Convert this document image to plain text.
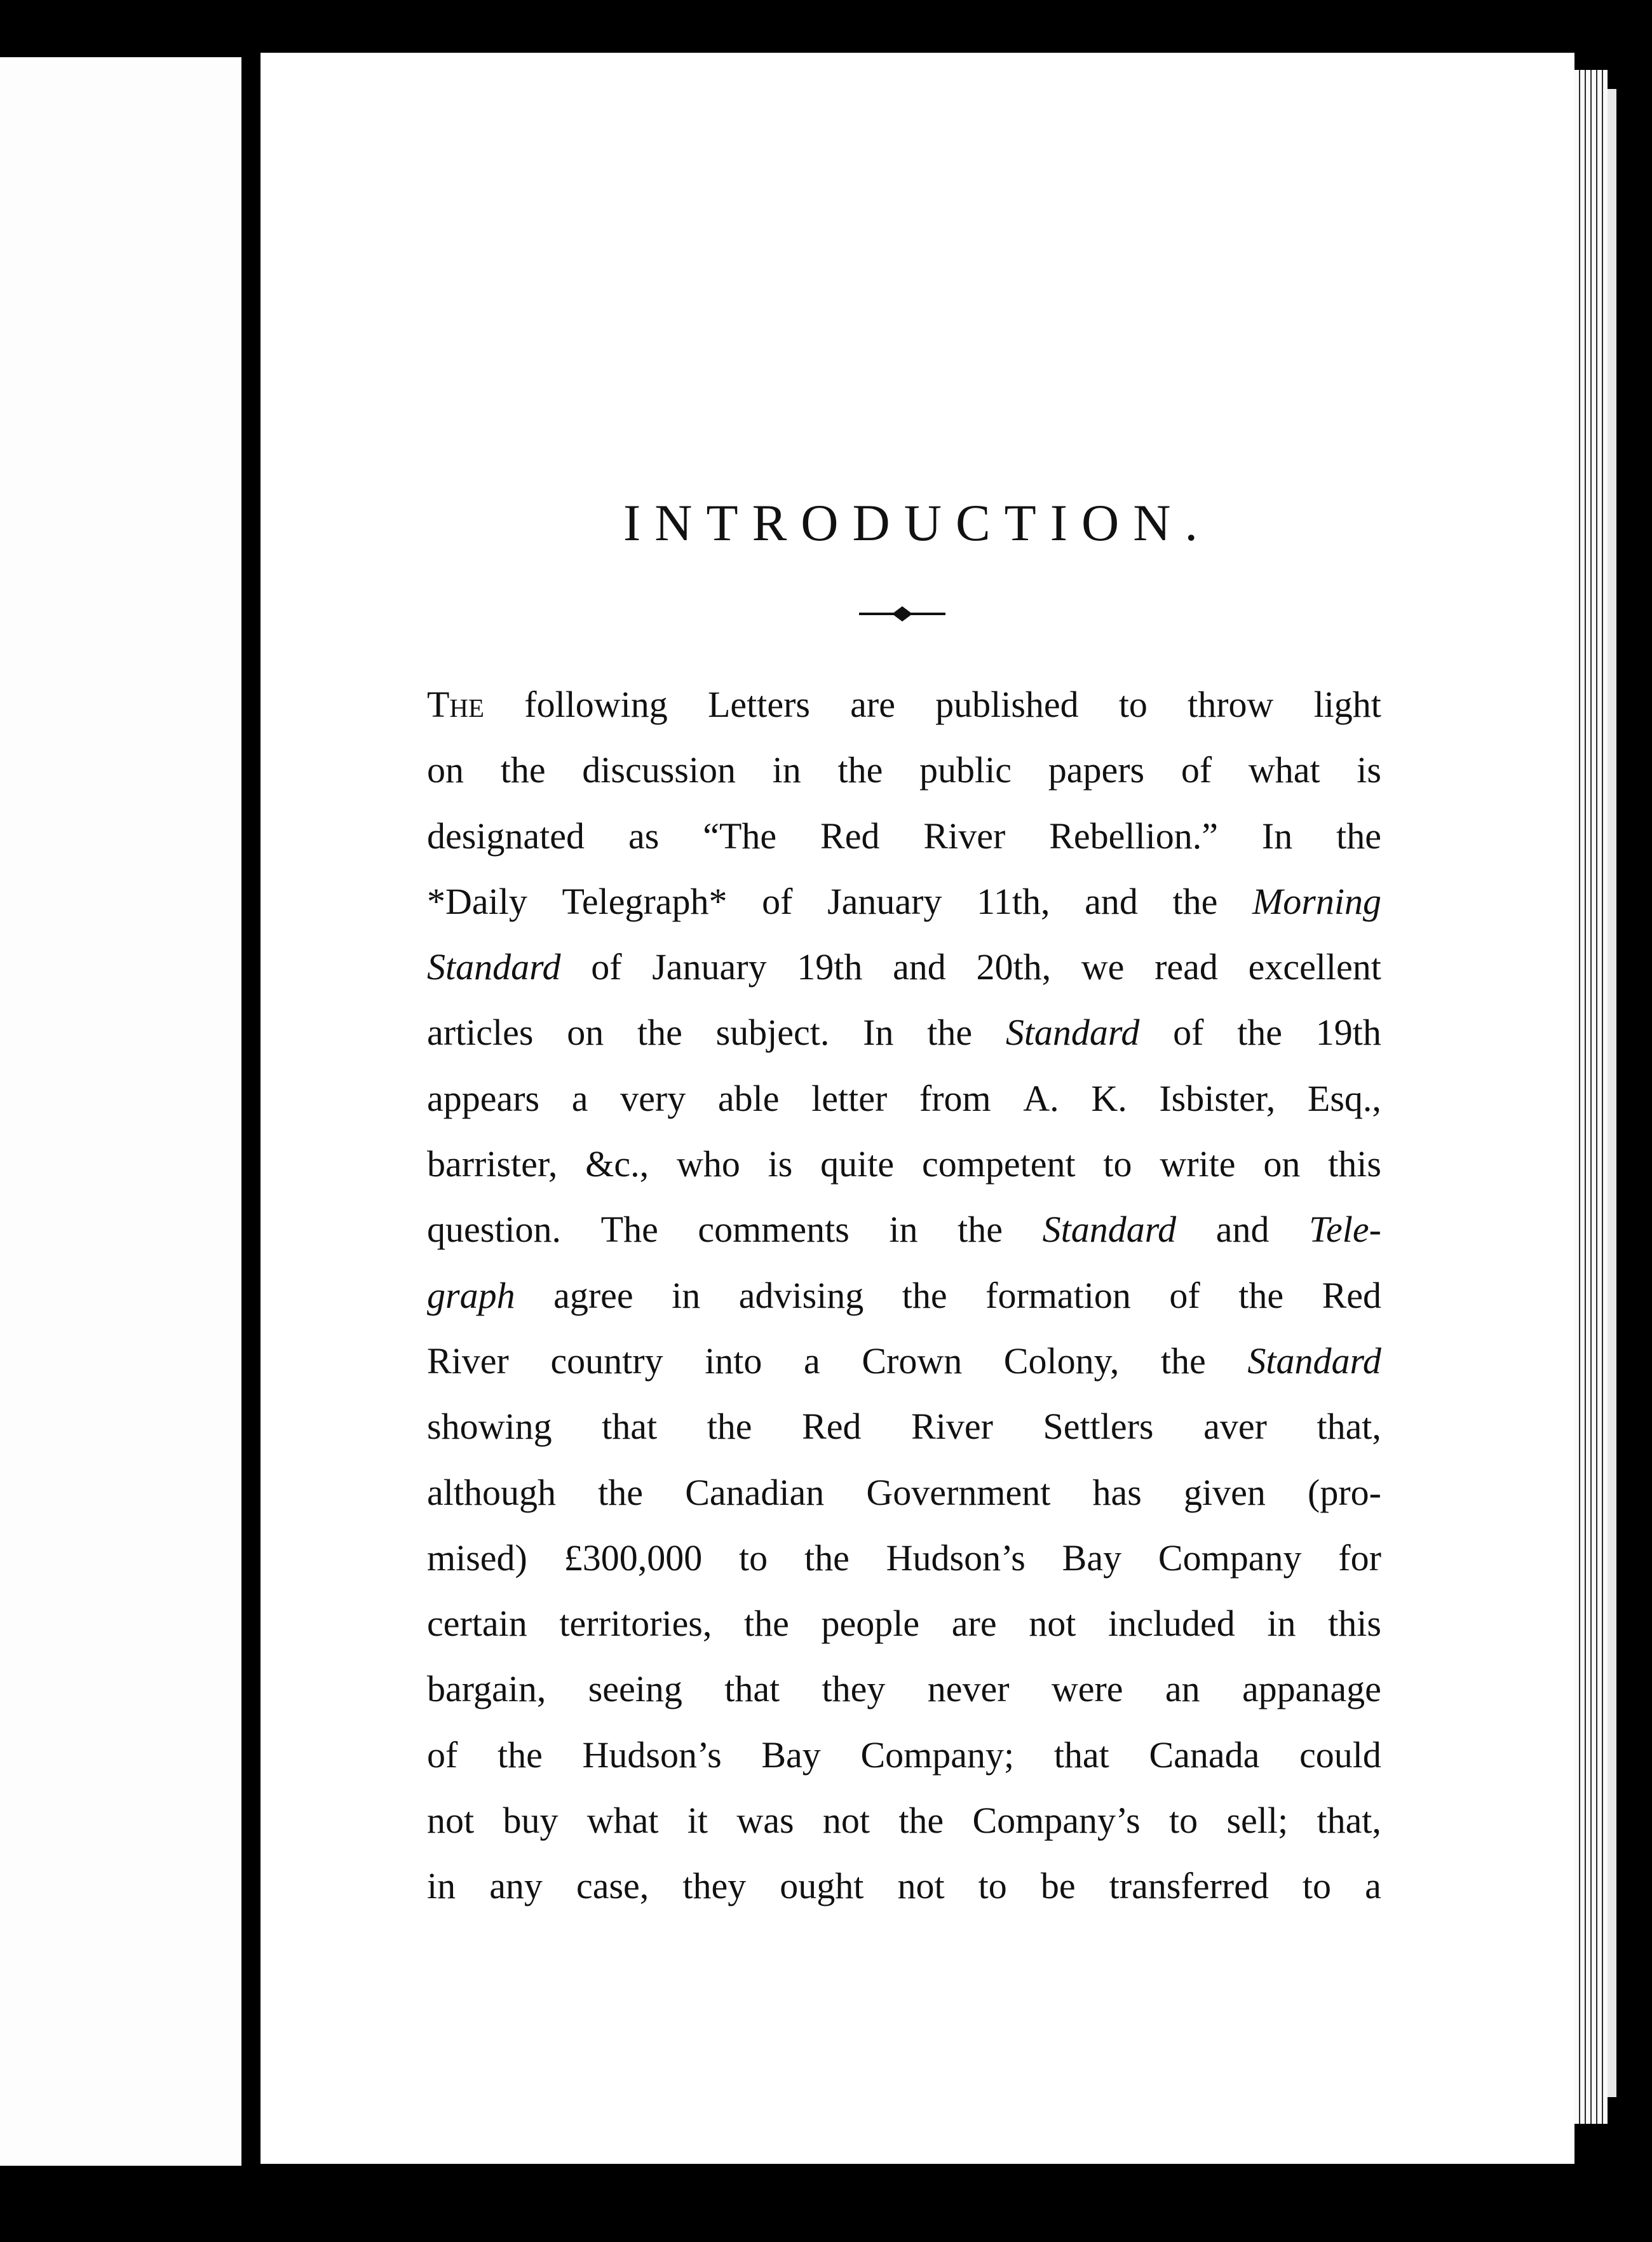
INTRODUCTION.
The following Letters are published to throw light
on the discussion in the public papers of what is
designated as “The Red River Rebellion.” In the
*Daily Telegraph* of January 11th, and the Morning
Standard of January 19th and 20th, we read excellent
articles on the subject. In the Standard of the 19th
appears a very able letter from A. K. Isbister, Esq.,
barrister, &c., who is quite competent to write on this
question. The comments in the Standard and Tele-
graph agree in advising the formation of the Red
River country into a Crown Colony, the Standard
showing that the Red River Settlers aver that,
although the Canadian Government has given (pro-
mised) £300,000 to the Hudson’s Bay Company for
certain territories, the people are not included in this
bargain, seeing that they never were an appanage
of the Hudson’s Bay Company; that Canada could
not buy what it was not the Company’s to sell; that,
in any case, they ought not to be transferred to a
